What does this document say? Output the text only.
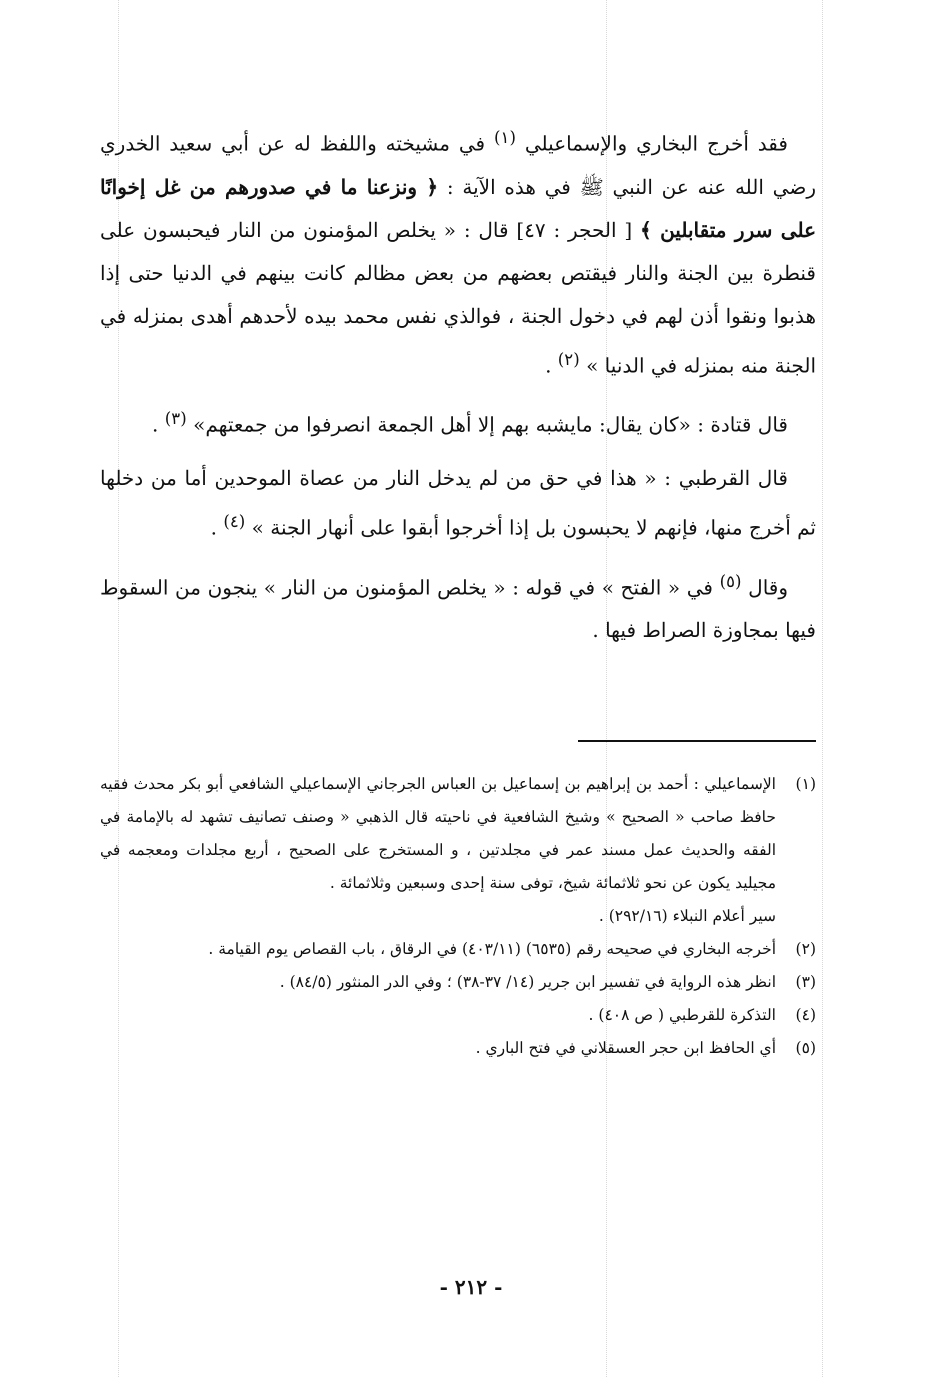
فقد أخرج البخاري والإسماعيلي $^{(١)}$ في مشيخته واللفظ له عن أبي سعيد الخدري رضي الله عنه عن النبي ﷺ في هذه الآية : ﴿ ونزعنا ما في صدورهم من غل إخوانًا على سرر متقابلين ﴾ [ الحجر : ٤٧] قال : « يخلص المؤمنون من النار فيحبسون على قنطرة بين الجنة والنار فيقتص بعضهم من بعض مظالم كانت بينهم في الدنيا حتى إذا هذبوا ونقوا أذن لهم في دخول الجنة ، فوالذي نفس محمد بيده لأحدهم أهدى بمنزله في الجنة منه بمنزله في الدنيا » $^{(٢)}$ .

قال قتادة : «كان يقال: مايشبه بهم إلا أهل الجمعة انصرفوا من جمعتهم» $^{(٣)}$ .

قال القرطبي : « هذا في حق من لم يدخل النار من عصاة الموحدين أما من دخلها ثم أخرج منها، فإنهم لا يحبسون بل إذا أخرجوا أبقوا على أنهار الجنة » $^{(٤)}$ .

وقال $^{(٥)}$ في « الفتح » في قوله : « يخلص المؤمنون من النار » ينجون من السقوط فيها بمجاوزة الصراط فيها .

(١)
الإسماعيلي : أحمد بن إبراهيم بن إسماعيل بن العباس الجرجاني الإسماعيلي الشافعي أبو بكر محدث فقيه حافظ صاحب « الصحيح » وشيخ الشافعية في ناحيته قال الذهبي « وصنف تصانيف تشهد له بالإمامة في الفقه والحديث عمل مسند عمر في مجلدتين ، و المستخرج على الصحيح ، أربع مجلدات ومعجمه في مجيليد يكون عن نحو ثلاثمائة شيخ، توفى سنة إحدى وسبعين وثلاثمائة .
سير أعلام النبلاء (٢٩٢/١٦) .
(٢)
أخرجه البخاري في صحيحه رقم (٦٥٣٥) (٤٠٣/١١) في الرقاق ، باب القصاص يوم القيامة .
(٣)
انظر هذه الرواية في تفسير ابن جرير (١٤/ ٣٧-٣٨) ؛ وفي الدر المنثور (٨٤/٥) .
(٤)
التذكرة للقرطبي ( ص ٤٠٨) .
(٥)
أي الحافظ ابن حجر العسقلاني في فتح الباري .
- ٢١٢ -
